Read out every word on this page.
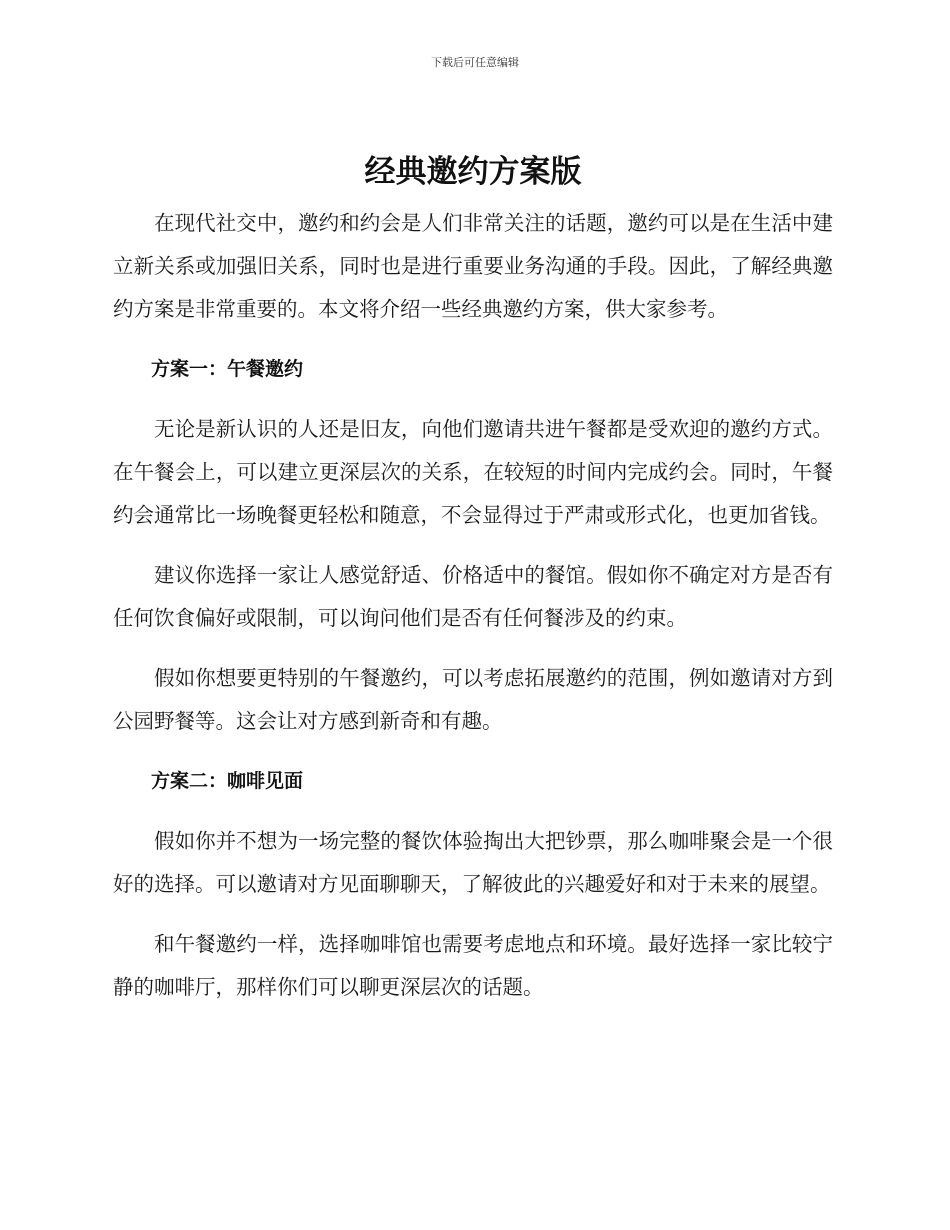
下载后可任意编辑
经典邀约方案版

在现代社交中，邀约和约会是人们非常关注的话题，邀约可以是在生活中建立新关系或加强旧关系，同时也是进行重要业务沟通的手段。因此，了解经典邀约方案是非常重要的。本文将介绍一些经典邀约方案，供大家参考。

方案一：午餐邀约

无论是新认识的人还是旧友，向他们邀请共进午餐都是受欢迎的邀约方式。在午餐会上，可以建立更深层次的关系，在较短的时间内完成约会。同时，午餐约会通常比一场晚餐更轻松和随意，不会显得过于严肃或形式化，也更加省钱。

建议你选择一家让人感觉舒适、价格适中的餐馆。假如你不确定对方是否有任何饮食偏好或限制，可以询问他们是否有任何餐涉及的约束。

假如你想要更特别的午餐邀约，可以考虑拓展邀约的范围，例如邀请对方到公园野餐等。这会让对方感到新奇和有趣。

方案二：咖啡见面

假如你并不想为一场完整的餐饮体验掏出大把钞票，那么咖啡聚会是一个很好的选择。可以邀请对方见面聊聊天，了解彼此的兴趣爱好和对于未来的展望。

和午餐邀约一样，选择咖啡馆也需要考虑地点和环境。最好选择一家比较宁静的咖啡厅，那样你们可以聊更深层次的话题。
